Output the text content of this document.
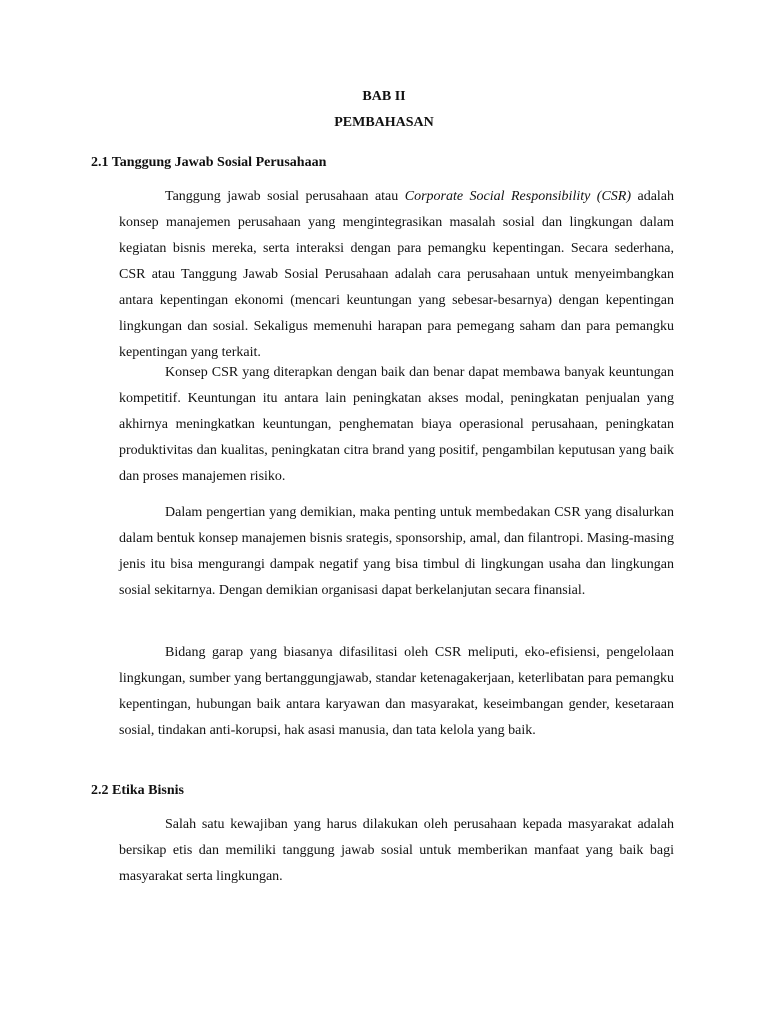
BAB II
PEMBAHASAN
2.1 Tanggung Jawab Sosial Perusahaan

Tanggung jawab sosial perusahaan atau Corporate Social Responsibility (CSR) adalah konsep manajemen perusahaan yang mengintegrasikan masalah sosial dan lingkungan dalam kegiatan bisnis mereka, serta interaksi dengan para pemangku kepentingan. Secara sederhana, CSR atau Tanggung Jawab Sosial Perusahaan adalah cara perusahaan untuk menyeimbangkan antara kepentingan ekonomi (mencari keuntungan yang sebesar-besarnya) dengan kepentingan lingkungan dan sosial. Sekaligus memenuhi harapan para pemegang saham dan para pemangku kepentingan yang terkait.

Konsep CSR yang diterapkan dengan baik dan benar dapat membawa banyak keuntungan kompetitif. Keuntungan itu antara lain peningkatan akses modal, peningkatan penjualan yang akhirnya meningkatkan keuntungan, penghematan biaya operasional perusahaan, peningkatan produktivitas dan kualitas, peningkatan citra brand yang positif, pengambilan keputusan yang baik dan proses manajemen risiko.

Dalam pengertian yang demikian, maka penting untuk membedakan CSR yang disalurkan dalam bentuk konsep manajemen bisnis srategis, sponsorship, amal, dan filantropi. Masing-masing jenis itu bisa mengurangi dampak negatif yang bisa timbul di lingkungan usaha dan lingkungan sosial sekitarnya. Dengan demikian organisasi dapat berkelanjutan secara finansial.

Bidang garap yang biasanya difasilitasi oleh CSR meliputi, eko-efisiensi, pengelolaan lingkungan, sumber yang bertanggungjawab, standar ketenagakerjaan, keterlibatan para pemangku kepentingan, hubungan baik antara karyawan dan masyarakat, keseimbangan gender, kesetaraan sosial, tindakan anti-korupsi, hak asasi manusia, dan tata kelola yang baik.

2.2 Etika Bisnis

Salah satu kewajiban yang harus dilakukan oleh perusahaan kepada masyarakat adalah bersikap etis dan memiliki tanggung jawab sosial untuk memberikan manfaat yang baik bagi masyarakat serta lingkungan.
